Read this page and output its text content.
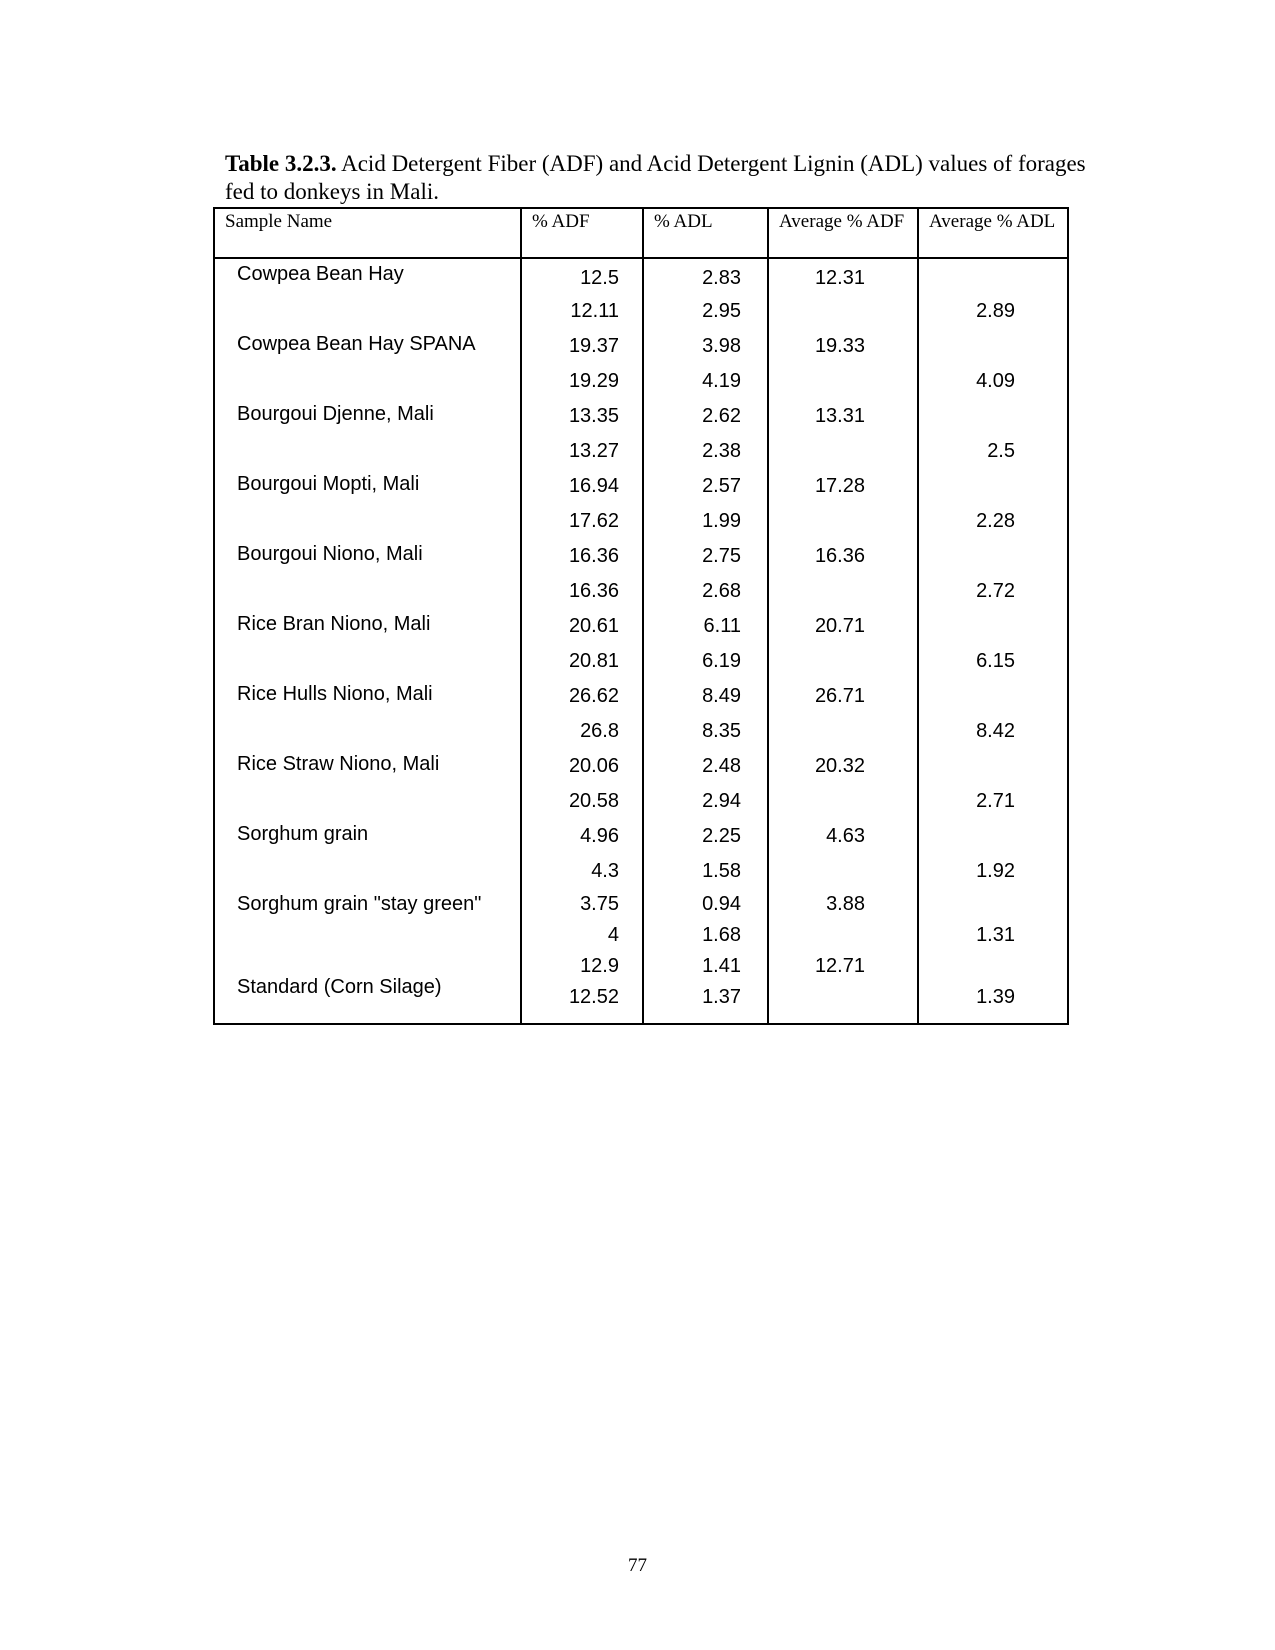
Table 3.2.3. Acid Detergent Fiber (ADF) and Acid Detergent Lignin (ADL) values of forages fed to donkeys in Mali.
Sample Name	% ADF	% ADL	Average % ADF	Average % ADL
Cowpea Bean Hay	12.5	2.83	12.31	
	12.11	2.95		2.89
Cowpea Bean Hay SPANA	19.37	3.98	19.33	
	19.29	4.19		4.09
Bourgoui Djenne, Mali	13.35	2.62	13.31	
	13.27	2.38		2.5
Bourgoui Mopti, Mali	16.94	2.57	17.28	
	17.62	1.99		2.28
Bourgoui Niono, Mali	16.36	2.75	16.36	
	16.36	2.68		2.72
Rice Bran Niono, Mali	20.61	6.11	20.71	
	20.81	6.19		6.15
Rice Hulls Niono, Mali	26.62	8.49	26.71	
	26.8	8.35		8.42
Rice Straw Niono, Mali	20.06	2.48	20.32	
	20.58	2.94		2.71
Sorghum grain	4.96	2.25	4.63	
	4.3	1.58		1.92
Sorghum grain "stay green"	3.75	0.94	3.88	
	4	1.68		1.31
Standard (Corn Silage)	12.9	1.41	12.71	
	12.52	1.37		1.39
77
